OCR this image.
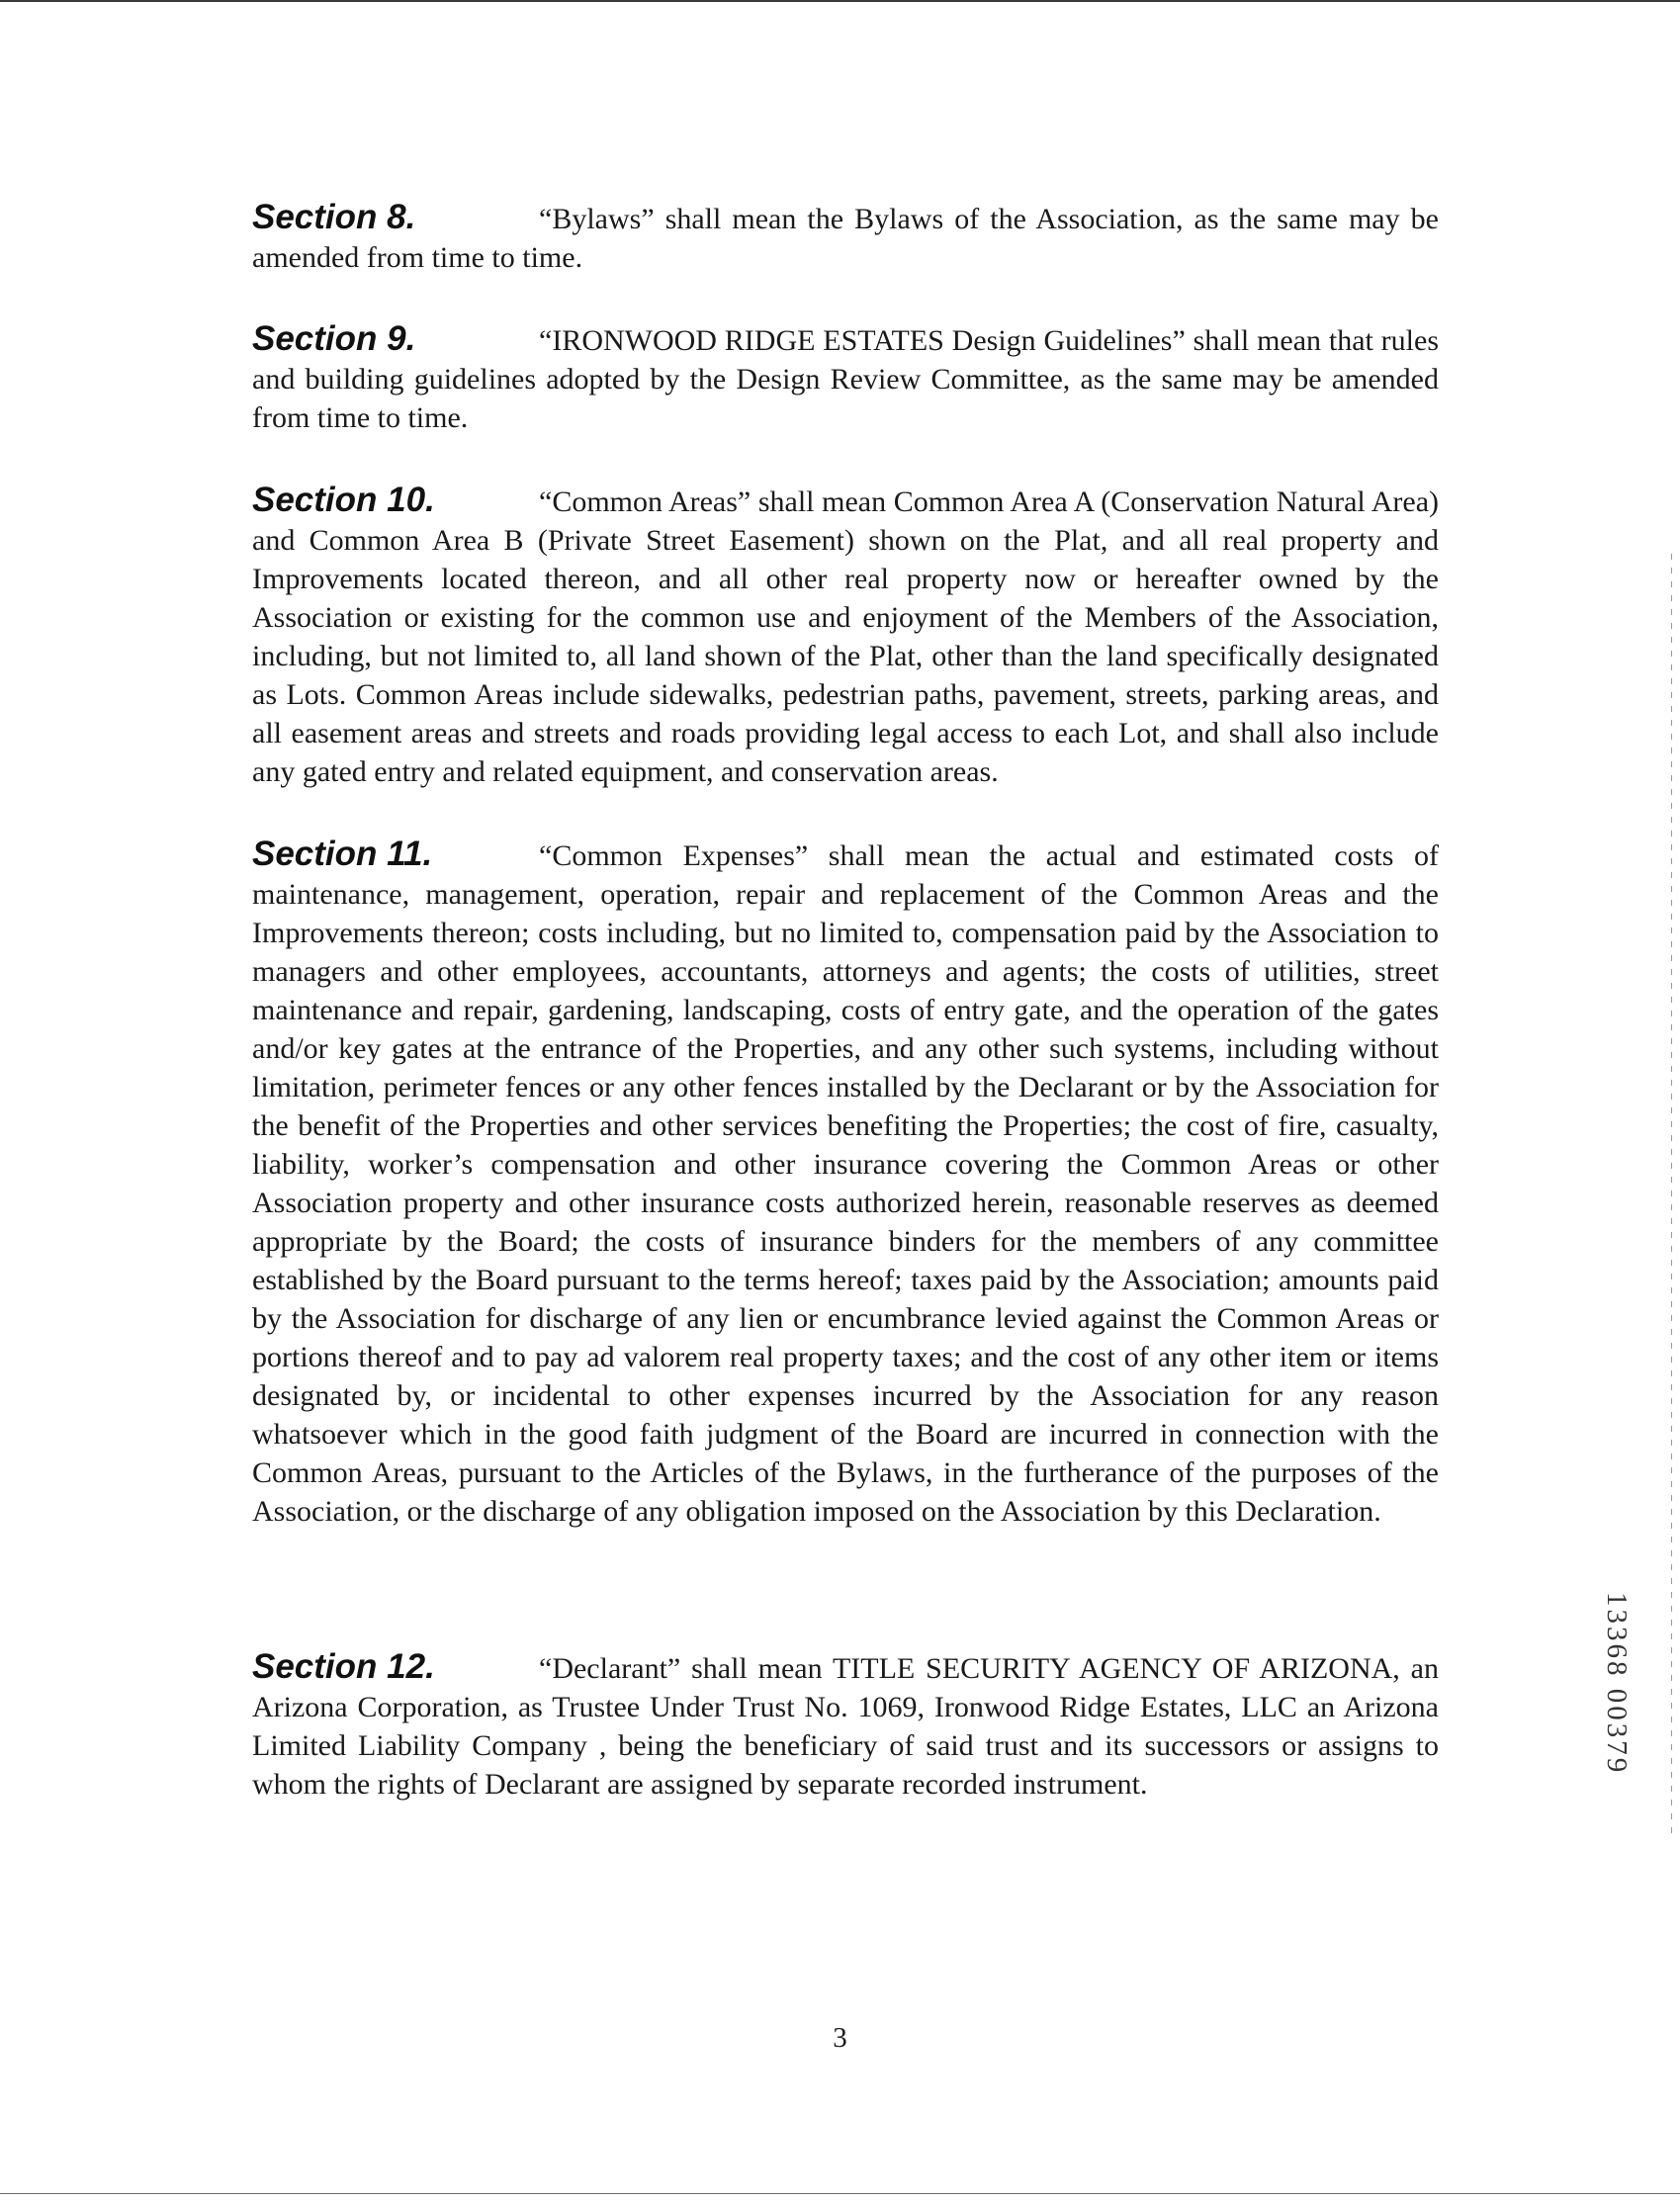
Section 8.	“Bylaws” shall mean the Bylaws of the Association, as the same may be amended from time to time.

Section 9.	“IRONWOOD RIDGE ESTATES Design Guidelines” shall mean that rules and building guidelines adopted by the Design Review Committee, as the same may be amended from time to time.

Section 10.	“Common Areas” shall mean Common Area A (Conservation Natural Area) and Common Area B (Private Street Easement) shown on the Plat, and all real property and Improvements located thereon, and all other real property now or hereafter owned by the Association or existing for the common use and enjoyment of the Members of the Association, including, but not limited to, all land shown of the Plat, other than the land specifically designated as Lots. Common Areas include sidewalks, pedestrian paths, pavement, streets, parking areas, and all easement areas and streets and roads providing legal access to each Lot, and shall also include any gated entry and related equipment, and conservation areas.

Section 11.	“Common Expenses” shall mean the actual and estimated costs of maintenance, management, operation, repair and replacement of the Common Areas and the Improvements thereon; costs including, but no limited to, compensation paid by the Association to managers and other employees, accountants, attorneys and agents; the costs of utilities, street maintenance and repair, gardening, landscaping, costs of entry gate, and the operation of the gates and/or key gates at the entrance of the Properties, and any other such systems, including without limitation, perimeter fences or any other fences installed by the Declarant or by the Association for the benefit of the Properties and other services benefiting the Properties; the cost of fire, casualty, liability, worker’s compensation and other insurance covering the Common Areas or other Association property and other insurance costs authorized herein, reasonable reserves as deemed appropriate by the Board; the costs of insurance binders for the members of any committee established by the Board pursuant to the terms hereof; taxes paid by the Association; amounts paid by the Association for discharge of any lien or encumbrance levied against the Common Areas or portions thereof and to pay ad valorem real property taxes; and the cost of any other item or items designated by, or incidental to other expenses incurred by the Association for any reason whatsoever which in the good faith judgment of the Board are incurred in connection with the Common Areas, pursuant to the Articles of the Bylaws, in the furtherance of the purposes of the Association, or the discharge of any obligation imposed on the Association by this Declaration.

Section 12.	“Declarant” shall mean TITLE SECURITY AGENCY OF ARIZONA, an Arizona Corporation, as Trustee Under Trust No. 1069, Ironwood Ridge Estates, LLC an Arizona Limited Liability Company , being the beneficiary of said trust and its successors or assigns to whom the rights of Declarant are assigned by separate recorded instrument.

3
13368 00379
